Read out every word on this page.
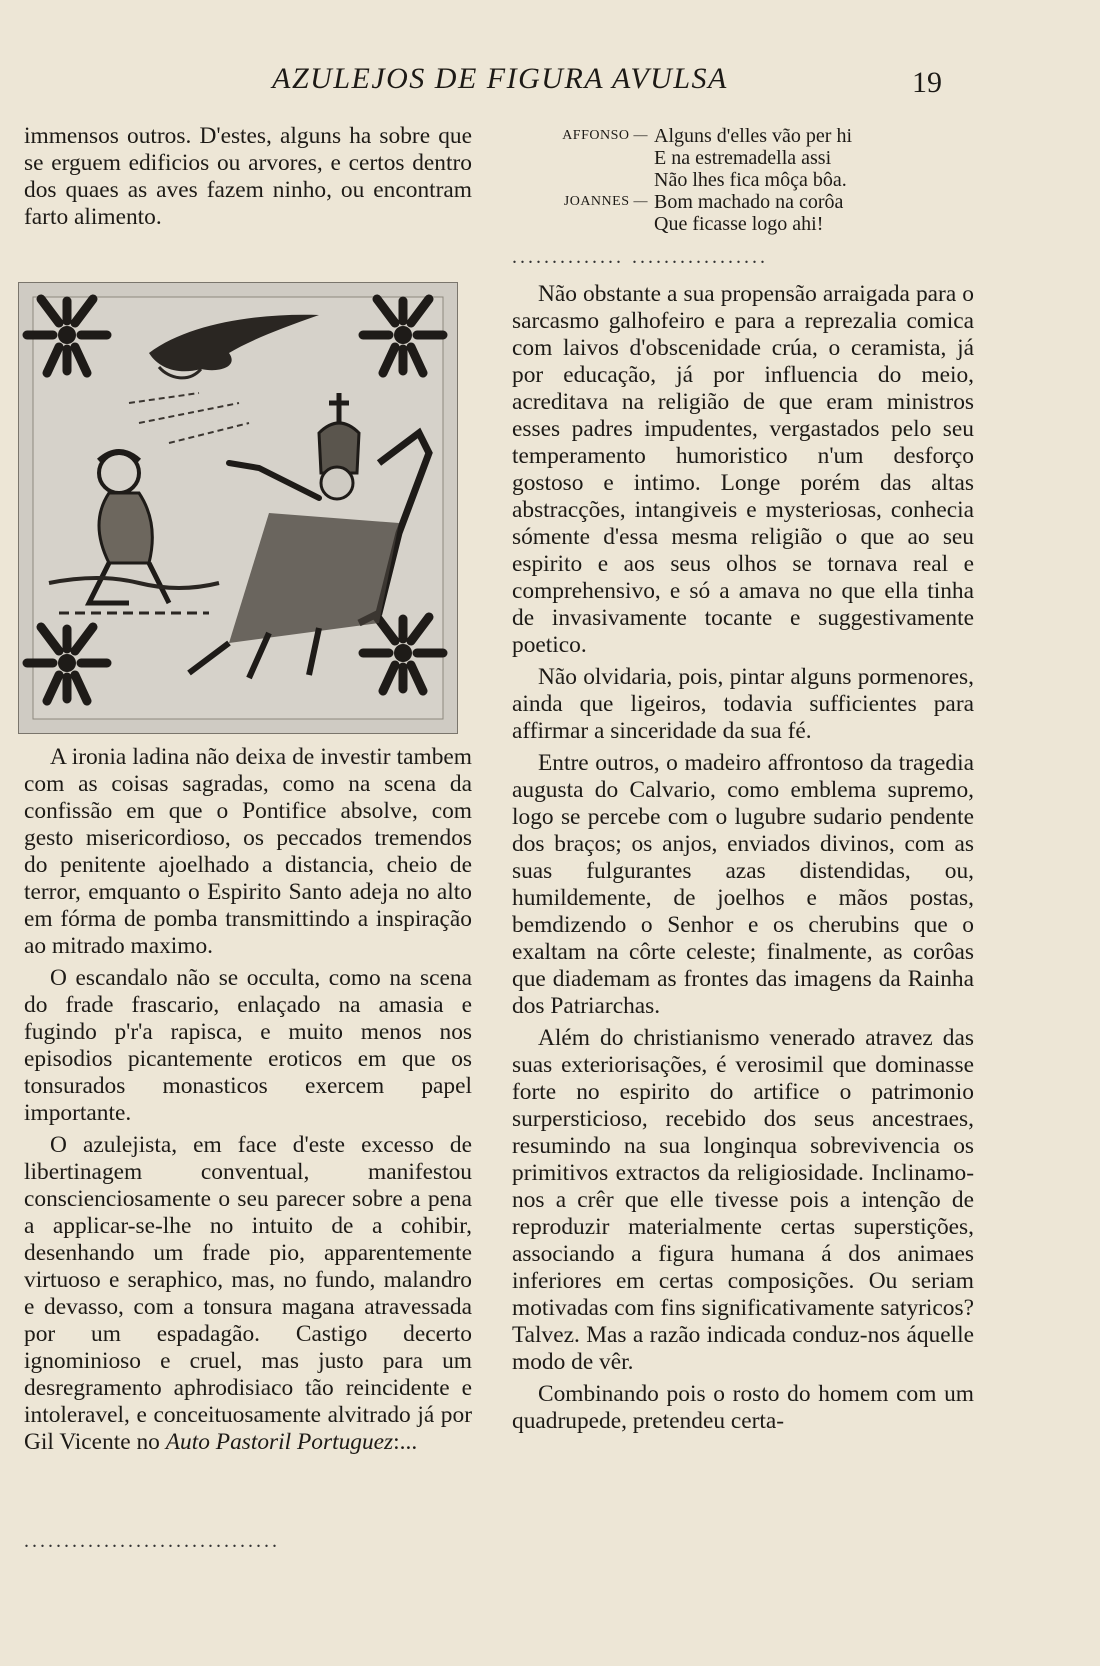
AZULEJOS DE FIGURA AVULSA	19

immensos outros. D'estes, alguns ha sobre que se erguem edificios ou arvores, e certos dentro dos quaes as aves fazem ninho, ou encontram farto alimento.

A ironia ladina não deixa de investir tambem com as coisas sagradas, como na scena da confissão em que o Pontifice absolve, com gesto misericordioso, os peccados tremendos do penitente ajoelhado a distancia, cheio de terror, emquanto o Espirito Santo adeja no alto em fórma de pomba transmittindo a inspiração ao mitrado maximo.

O escandalo não se occulta, como na scena do frade frascario, enlaçado na amasia e fugindo p'r'a rapisca, e muito menos nos episodios picantemente eroticos em que os tonsurados monasticos exercem papel importante.

O azulejista, em face d'este excesso de libertinagem conventual, manifestou conscienciosamente o seu parecer sobre a pena a applicar-se-lhe no intuito de a cohibir, desenhando um frade pio, apparentemente virtuoso e seraphico, mas, no fundo, malandro e devasso, com a tonsura magana atravessada por um espadagão. Castigo decerto ignominioso e cruel, mas justo para um desregramento aphrodisiaco tão reincidente e intoleravel, e conceituosamente alvitrado já por Gil Vicente no Auto Pastoril Portuguez:...

................................
AFFONSO — Alguns d'elles vão per hi
E na estremadella assi
Não lhes fica môça bôa.
JOANNES — Bom machado na corôa
Que ficasse logo ahi!
.............. .................

Não obstante a sua propensão arraigada para o sarcasmo galhofeiro e para a reprezalia comica com laivos d'obscenidade crúa, o ceramista, já por educação, já por influencia do meio, acreditava na religião de que eram ministros esses padres impudentes, vergastados pelo seu temperamento humoristico n'um desforço gostoso e intimo. Longe porém das altas abstracções, intangiveis e mysteriosas, conhecia sómente d'essa mesma religião o que ao seu espirito e aos seus olhos se tornava real e comprehensivo, e só a amava no que ella tinha de invasivamente tocante e suggestivamente poetico.

Não olvidaria, pois, pintar alguns pormenores, ainda que ligeiros, todavia sufficientes para affirmar a sinceridade da sua fé.

Entre outros, o madeiro affrontoso da tragedia augusta do Calvario, como emblema supremo, logo se percebe com o lugubre sudario pendente dos braços; os anjos, enviados divinos, com as suas fulgurantes azas distendidas, ou, humildemente, de joelhos e mãos postas, bemdizendo o Senhor e os cherubins que o exaltam na côrte celeste; finalmente, as corôas que diademam as frontes das imagens da Rainha dos Patriarchas.

Além do christianismo venerado atravez das suas exteriorisações, é verosimil que dominasse forte no espirito do artifice o patrimonio surpersticioso, recebido dos seus ancestraes, resumindo na sua longinqua sobrevivencia os primitivos extractos da religiosidade. Inclinamo-nos a crêr que elle tivesse pois a intenção de reproduzir materialmente certas superstições, associando a figura humana á dos animaes inferiores em certas composições. Ou seriam motivadas com fins significativamente satyricos? Talvez. Mas a razão indicada conduz-nos áquelle modo de vêr.

Combinando pois o rosto do homem com um quadrupede, pretendeu certa-
